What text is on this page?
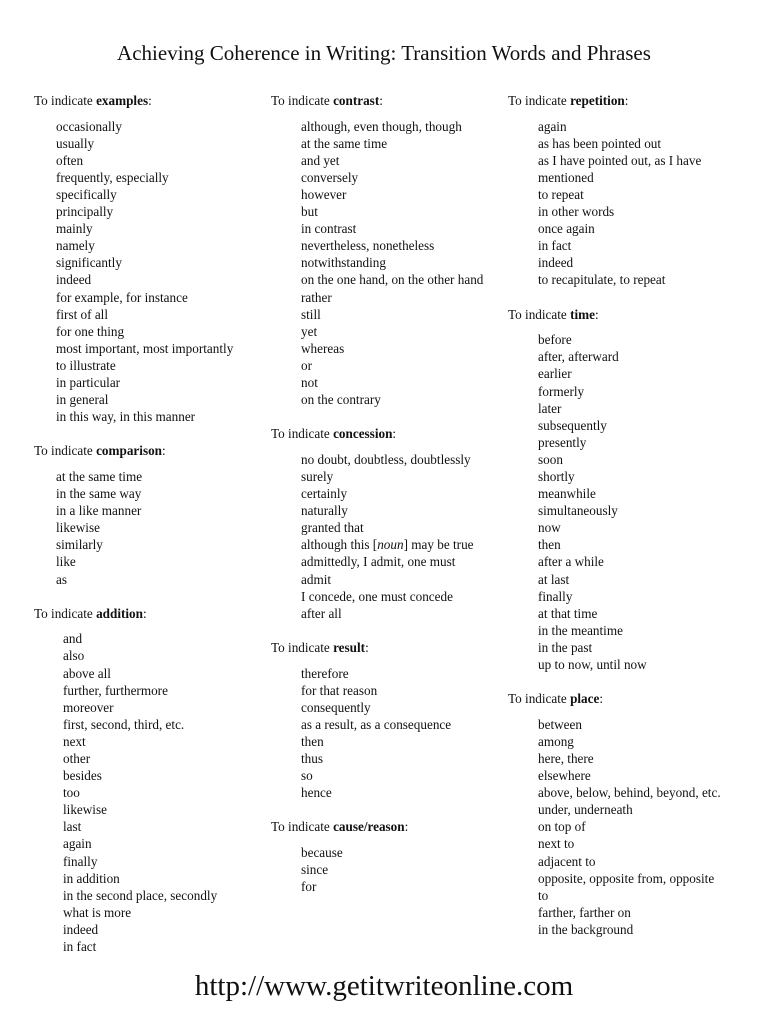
Achieving Coherence in Writing: Transition Words and Phrases
To indicate examples:
occasionally
usually
often
frequently, especially
specifically
principally
mainly
namely
significantly
indeed
for example, for instance
first of all
for one thing
most important, most importantly
to illustrate
in particular
in general
in this way, in this manner
To indicate comparison:
at the same time
in the same way
in a like manner
likewise
similarly
like
as
To indicate addition:
and
also
above all
further, furthermore
moreover
first, second, third, etc.
next
other
besides
too
likewise
last
again
finally
in addition
in the second place, secondly
what is more
indeed
in fact
To indicate contrast:
although, even though, though
at the same time
and yet
conversely
however
but
in contrast
nevertheless, nonetheless
notwithstanding
on the one hand, on the other hand
rather
still
yet
whereas
or
not
on the contrary
To indicate concession:
no doubt, doubtless, doubtlessly
surely
certainly
naturally
granted that
although this [noun] may be true
admittedly, I admit, one must
admit
I concede, one must concede
after all
To indicate result:
therefore
for that reason
consequently
as a result, as a consequence
then
thus
so
hence
To indicate cause/reason:
because
since
for
To indicate repetition:
again
as has been pointed out
as I have pointed out, as I have
mentioned
to repeat
in other words
once again
in fact
indeed
to recapitulate, to repeat
To indicate time:
before
after, afterward
earlier
formerly
later
subsequently
presently
soon
shortly
meanwhile
simultaneously
now
then
after a while
at last
finally
at that time
in the meantime
in the past
up to now, until now
To indicate place:
between
among
here, there
elsewhere
above, below, behind, beyond, etc.
under, underneath
on top of
next to
adjacent to
opposite, opposite from, opposite
to
farther, farther on
in the background
http://www.getitwriteonline.com
